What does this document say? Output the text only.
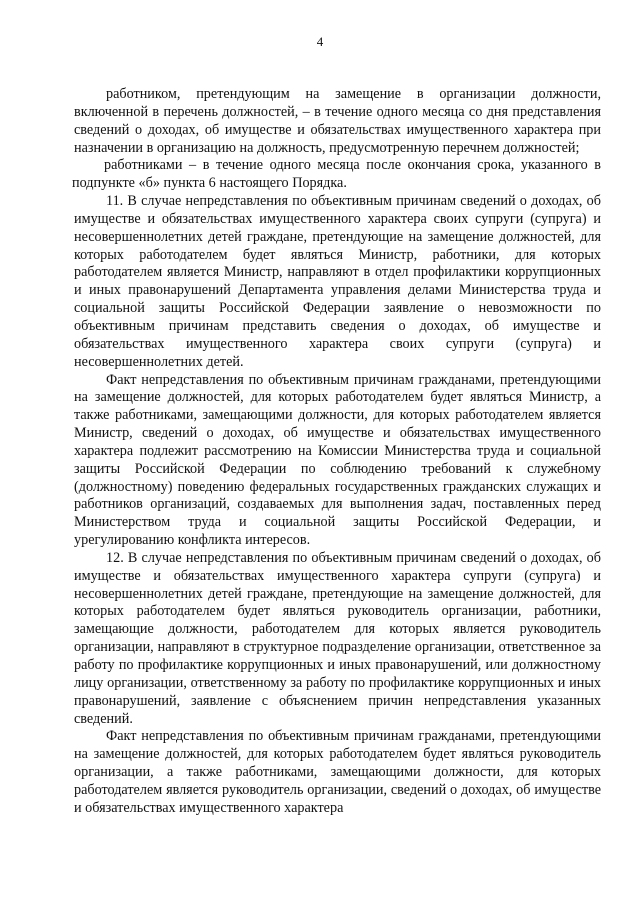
4

работником, претендующим на замещение в организации должности, включенной в перечень должностей, – в течение одного месяца со дня представления сведений о доходах, об имуществе и обязательствах имущественного характера при назначении в организацию на должность, предусмотренную перечнем должностей;

работниками – в течение одного месяца после окончания срока, указанного в подпункте «б» пункта 6 настоящего Порядка.

11. В случае непредставления по объективным причинам сведений о доходах, об имуществе и обязательствах имущественного характера своих супруги (супруга) и несовершеннолетних детей граждане, претендующие на замещение должностей, для которых работодателем будет являться Министр, работники, для которых работодателем является Министр, направляют в отдел профилактики коррупционных и иных правонарушений Департамента управления делами Министерства труда и социальной защиты Российской Федерации заявление о невозможности по объективным причинам представить сведения о доходах, об имуществе и обязательствах имущественного характера своих супруги (супруга) и несовершеннолетних детей.

Факт непредставления по объективным причинам гражданами, претендующими на замещение должностей, для которых работодателем будет являться Министр, а также работниками, замещающими должности, для которых работодателем является Министр, сведений о доходах, об имуществе и обязательствах имущественного характера подлежит рассмотрению на Комиссии Министерства труда и социальной защиты Российской Федерации по соблюдению требований к служебному (должностному) поведению федеральных государственных гражданских служащих и работников организаций, создаваемых для выполнения задач, поставленных перед Министерством труда и социальной защиты Российской Федерации, и урегулированию конфликта интересов.

12. В случае непредставления по объективным причинам сведений о доходах, об имуществе и обязательствах имущественного характера супруги (супруга) и несовершеннолетних детей граждане, претендующие на замещение должностей, для которых работодателем будет являться руководитель организации, работники, замещающие должности, работодателем для которых является руководитель организации, направляют в структурное подразделение организации, ответственное за работу по профилактике коррупционных и иных правонарушений, или должностному лицу организации, ответственному за работу по профилактике коррупционных и иных правонарушений, заявление с объяснением причин непредставления указанных сведений.

Факт непредставления по объективным причинам гражданами, претендующими на замещение должностей, для которых работодателем будет являться руководитель организации, а также работниками, замещающими должности, для которых работодателем является руководитель организации, сведений о доходах, об имуществе и обязательствах имущественного характера
